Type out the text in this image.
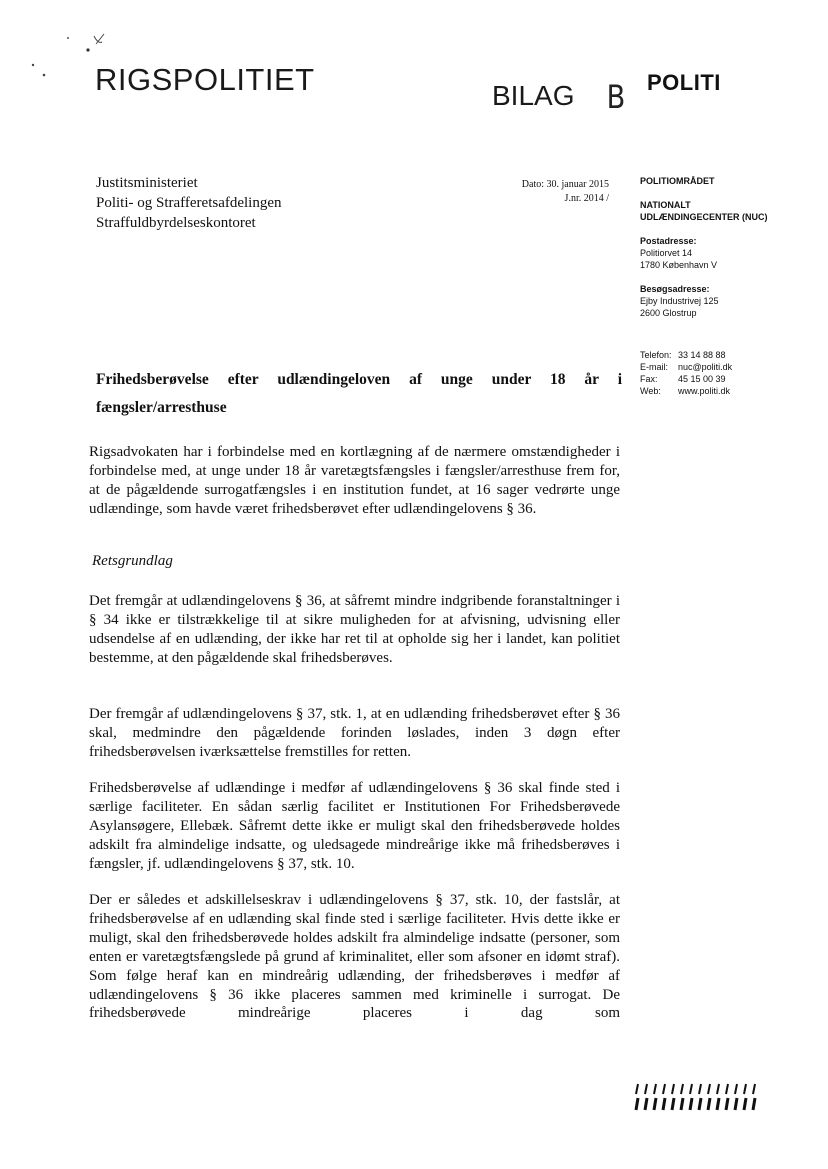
RIGSPOLITIET	BILAG B POLITI
Justitsministeriet
Politi- og Strafferetsafdelingen
Straffuldbyrdelseskontoret
Dato: 30. januar 2015
J.nr. 2014 /
POLITIOMRÅDET
NATIONALT
UDLÆNDINGECENTER (NUC)
Postadresse:
Politiorvet 14
1780 København V
Besøgsadresse:
Ejby Industrivej 125
2600 Glostrup
Telefon: 33 14 88 88
E-mail:	nuc@politi.dk
Fax:	45 15 00 39
Web:	www.politi.dk
Frihedsberøvelse efter udlændingeloven af unge under 18 år i
fængsler/arresthuse
Rigsadvokaten har i forbindelse med en kortlægning af de nærmere omstændigheder i forbindelse med, at unge under 18 år varetægtsfængsles i fængsler/arresthuse frem for, at de pågældende surrogatfængsles i en institution fundet, at 16 sager vedrørte unge udlændinge, som havde været frihedsberøvet efter udlændingelovens § 36.
Retsgrundlag
Det fremgår at udlændingelovens § 36, at såfremt mindre indgribende foranstaltninger i § 34 ikke er tilstrækkelige til at sikre muligheden for at afvisning, udvisning eller udsendelse af en udlænding, der ikke har ret til at opholde sig her i landet, kan politiet bestemme, at den pågældende skal frihedsberøves.
Der fremgår af udlændingelovens § 37, stk. 1, at en udlænding frihedsberøvet efter § 36 skal, medmindre den pågældende forinden løslades, inden 3 døgn efter frihedsberøvelsen iværksættelse fremstilles for retten.
Frihedsberøvelse af udlændinge i medfør af udlændingelovens § 36 skal finde sted i særlige faciliteter. En sådan særlig facilitet er Institutionen For Frihedsberøvede Asylansøgere, Ellebæk. Såfremt dette ikke er muligt skal den frihedsberøvede holdes adskilt fra almindelige indsatte, og uledsagede mindreårige ikke må frihedsberøves i fængsler, jf. udlændingelovens § 37, stk. 10.
Der er således et adskillelseskrav i udlændingelovens § 37, stk. 10, der fastslår, at frihedsberøvelse af en udlænding skal finde sted i særlige faciliteter. Hvis dette ikke er muligt, skal den frihedsberøvede holdes adskilt fra almindelige indsatte (personer, som enten er varetægtsfængslede på grund af kriminalitet, eller som afsoner en idømt straf). Som følge heraf kan en mindreårig udlænding, der frihedsberøves i medfør af udlændingelovens § 36 ikke placeres sammen med kriminelle i surrogat. De frihedsberøvede mindreårige placeres i dag som
